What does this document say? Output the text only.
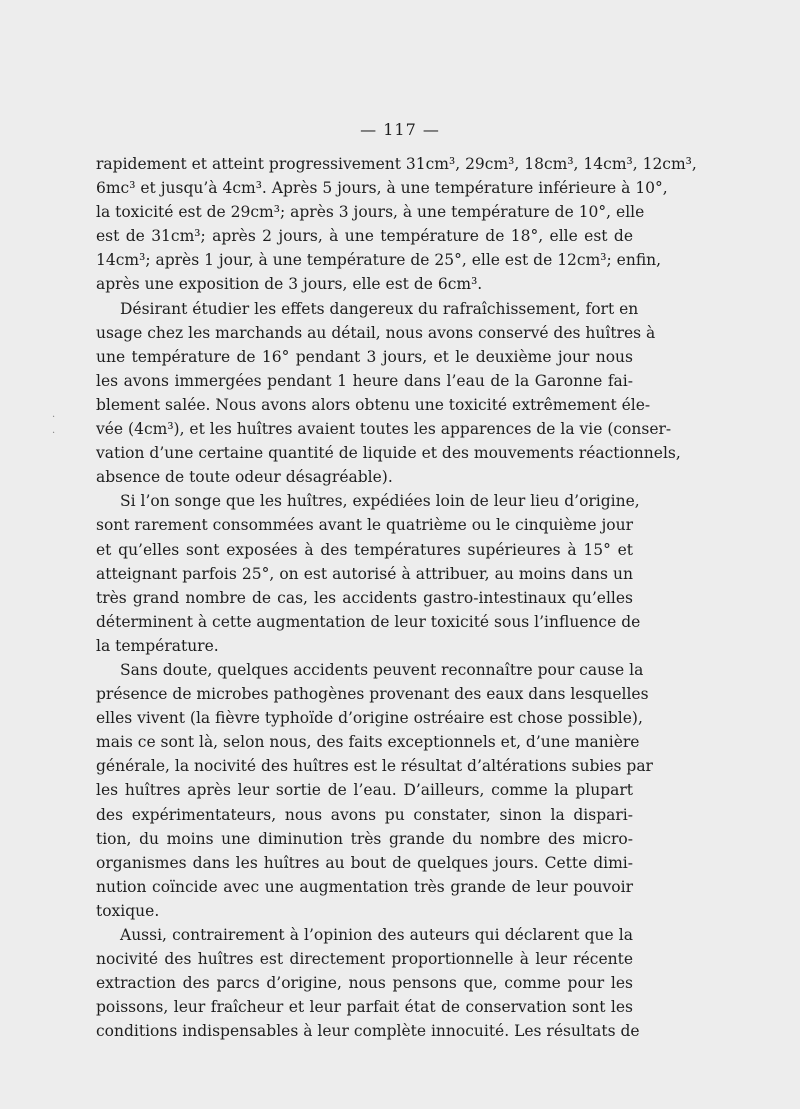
— 117 —
rapidement et atteint progressivement 31cm³, 29cm³, 18cm³, 14cm³, 12cm³,
6mc³ et jusqu’à 4cm³. Après 5 jours, à une température inférieure à 10°,
la toxicité est de 29cm³; après 3 jours, à une température de 10°, elle
est de 31cm³; après 2 jours, à une température de 18°, elle est de
14cm³; après 1 jour, à une température de 25°, elle est de 12cm³; enfin,
après une exposition de 3 jours, elle est de 6cm³.
Désirant étudier les effets dangereux du rafraîchissement, fort en
usage chez les marchands au détail, nous avons conservé des huîtres à
une température de 16° pendant 3 jours, et le deuxième jour nous
les avons immergées pendant 1 heure dans l’eau de la Garonne fai-
blement salée. Nous avons alors obtenu une toxicité extrêmement éle-
vée (4cm³), et les huîtres avaient toutes les apparences de la vie (conser-
vation d’une certaine quantité de liquide et des mouvements réactionnels,
absence de toute odeur désagréable).
Si l’on songe que les huîtres, expédiées loin de leur lieu d’origine,
sont rarement consommées avant le quatrième ou le cinquième jour
et qu’elles sont exposées à des températures supérieures à 15° et
atteignant parfois 25°, on est autorisé à attribuer, au moins dans un
très grand nombre de cas, les accidents gastro-intestinaux qu’elles
déterminent à cette augmentation de leur toxicité sous l’influence de
la température.
Sans doute, quelques accidents peuvent reconnaître pour cause la
présence de microbes pathogènes provenant des eaux dans lesquelles
elles vivent (la fièvre typhoïde d’origine ostréaire est chose possible),
mais ce sont là, selon nous, des faits exceptionnels et, d’une manière
générale, la nocivité des huîtres est le résultat d’altérations subies par
les huîtres après leur sortie de l’eau. D’ailleurs, comme la plupart
des expérimentateurs, nous avons pu constater, sinon la dispari-
tion, du moins une diminution très grande du nombre des micro-
organismes dans les huîtres au bout de quelques jours. Cette dimi-
nution coïncide avec une augmentation très grande de leur pouvoir
toxique.
Aussi, contrairement à l’opinion des auteurs qui déclarent que la
nocivité des huîtres est directement proportionnelle à leur récente
extraction des parcs d’origine, nous pensons que, comme pour les
poissons, leur fraîcheur et leur parfait état de conservation sont les
conditions indispensables à leur complète innocuité. Les résultats de
·
·
